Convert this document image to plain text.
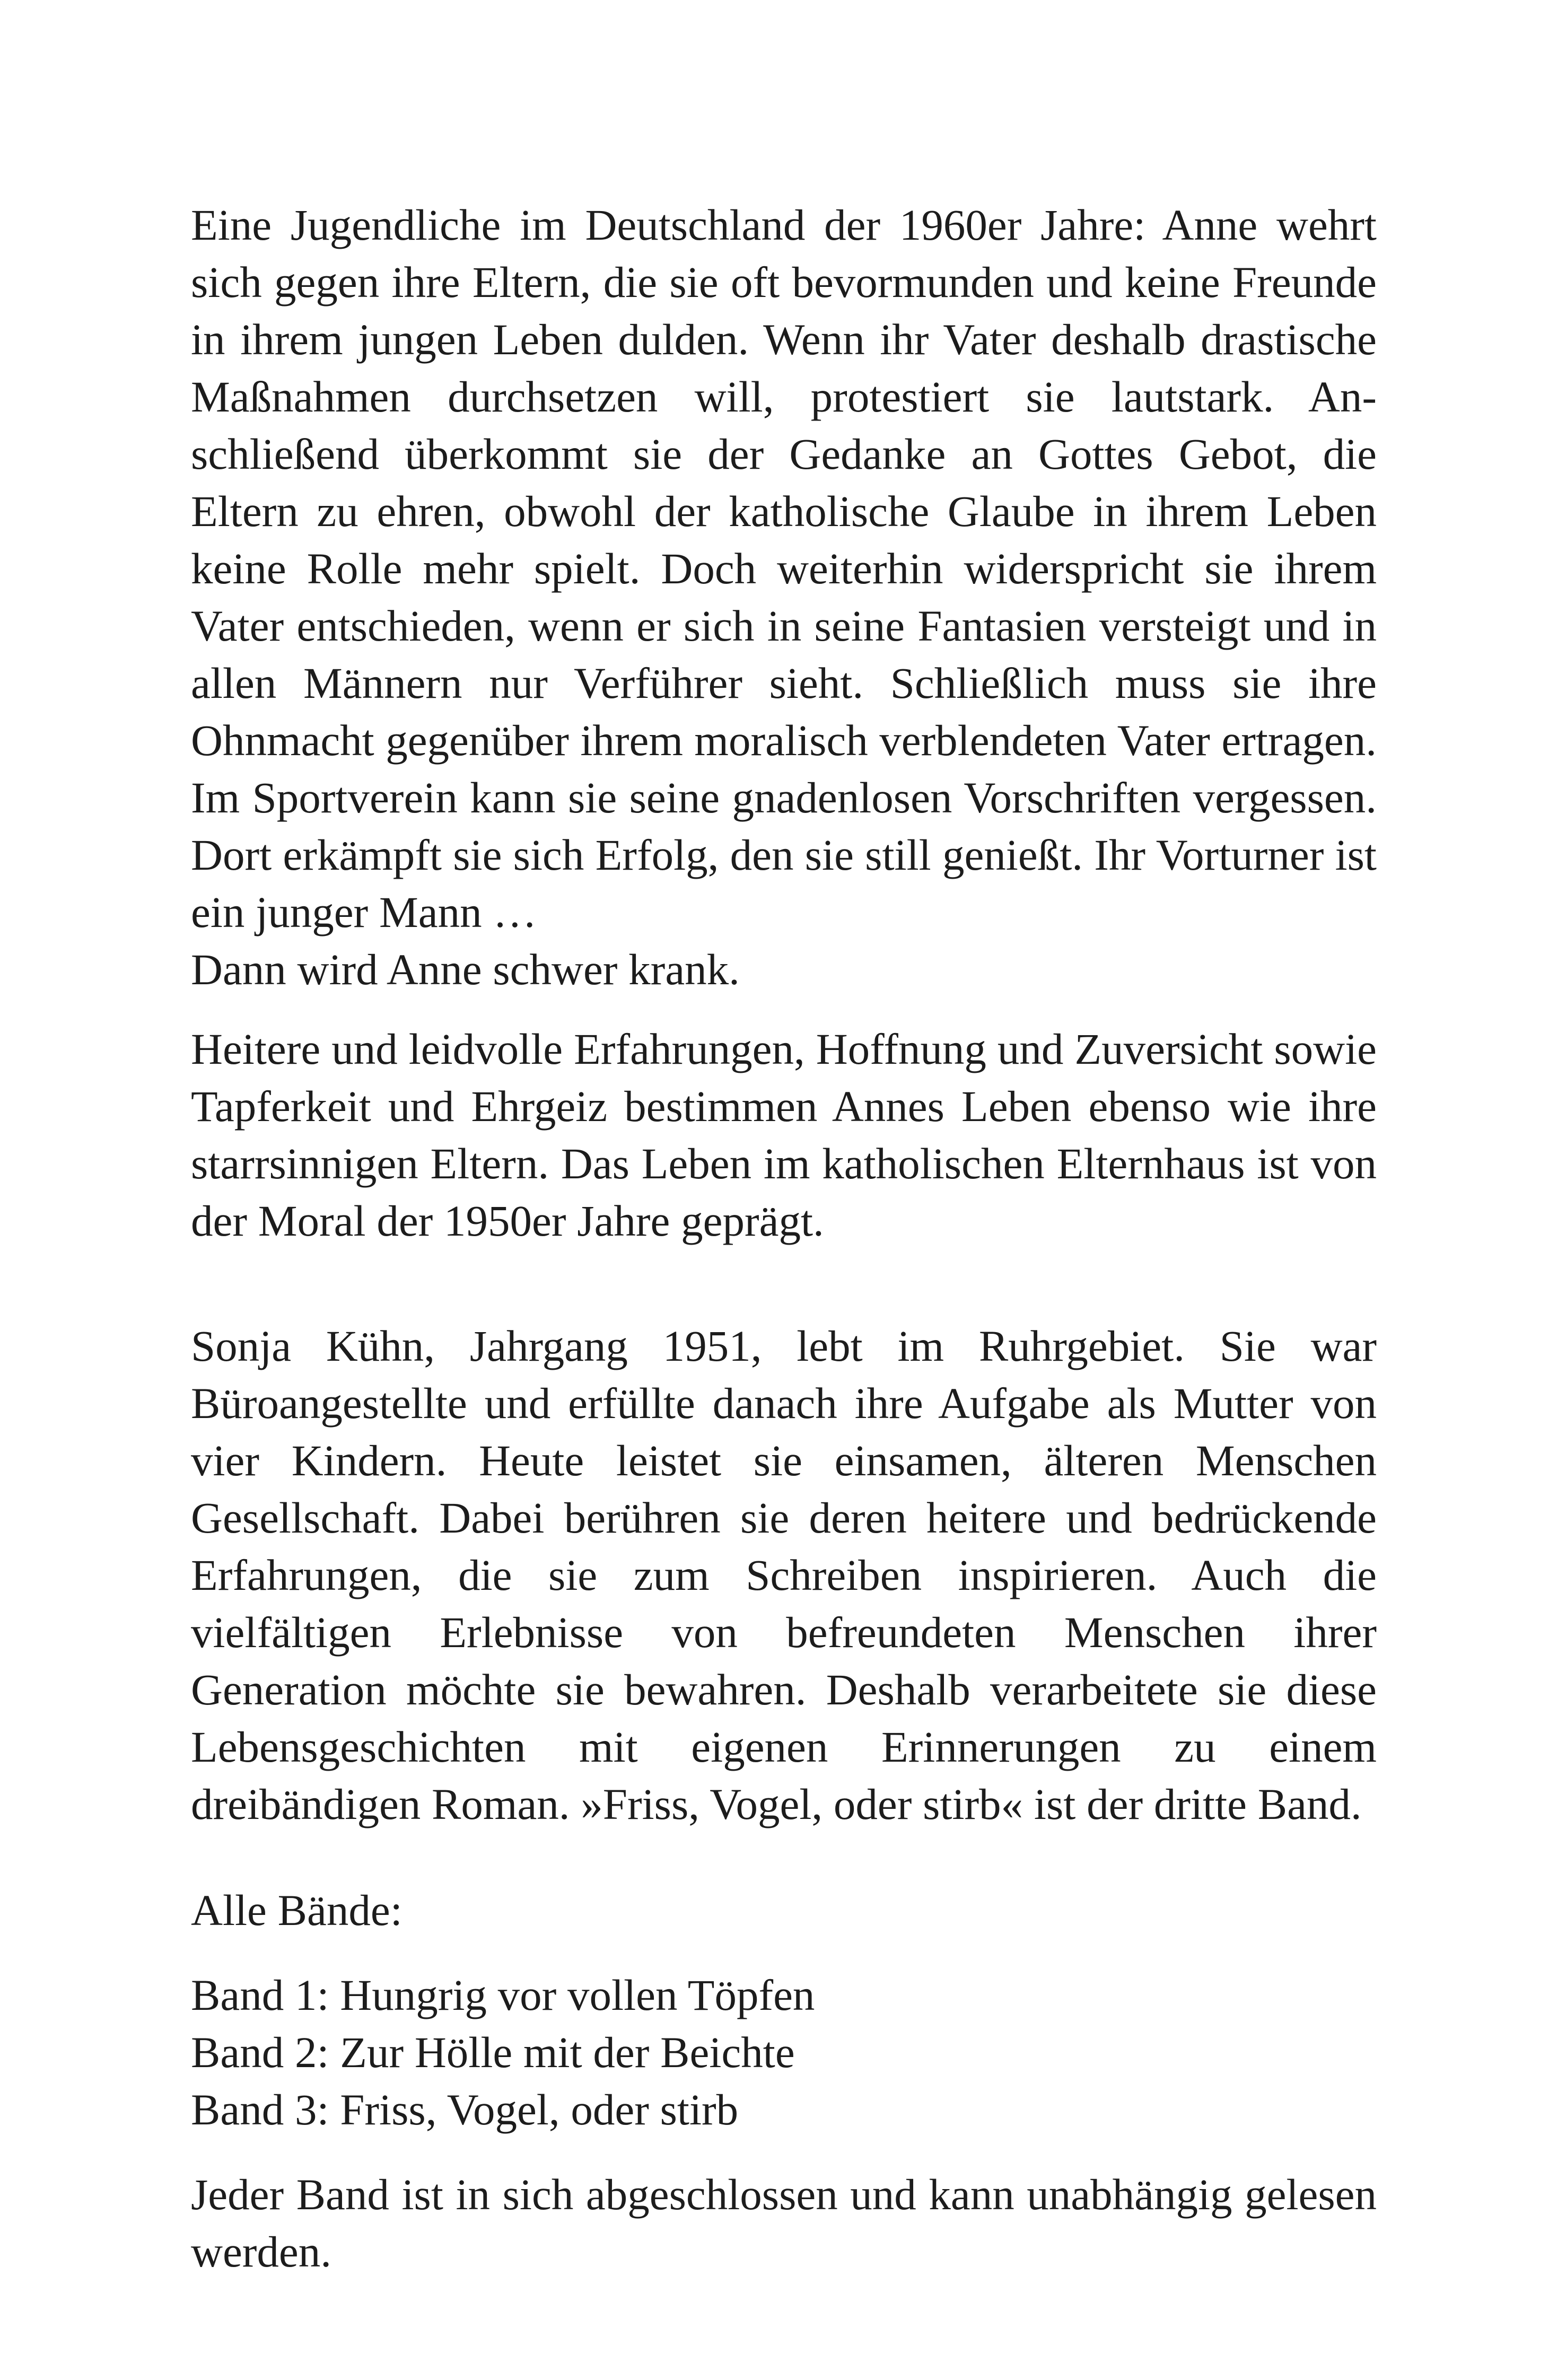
Eine Jugendliche im Deutschland der 1960er Jahre: Anne wehrt sich gegen ihre Eltern, die sie oft bevormunden und keine Freunde in ihrem jungen Leben dulden. Wenn ihr Vater deshalb drastische Maßnahmen durchsetzen will, protestiert sie lautstark. Anschließend überkommt sie der Gedanke an Gottes Gebot, die Eltern zu ehren, obwohl der katholische Glaube in ihrem Leben keine Rolle mehr spielt. Doch weiterhin widerspricht sie ihrem Vater entschieden, wenn er sich in seine Fantasien versteigt und in allen Männern nur Verführer sieht. Schließlich muss sie ihre Ohnmacht gegenüber ihrem moralisch verblendeten Vater ertragen. Im Sportverein kann sie seine gnadenlosen Vorschriften vergessen. Dort erkämpft sie sich Erfolg, den sie still genießt. Ihr Vorturner ist ein junger Mann …

Dann wird Anne schwer krank.

Heitere und leidvolle Erfahrungen, Hoffnung und Zuversicht sowie Tapferkeit und Ehrgeiz bestimmen Annes Leben ebenso wie ihre starrsinnigen Eltern. Das Leben im katholischen Elternhaus ist von der Moral der 1950er Jahre geprägt.

Sonja Kühn, Jahrgang 1951, lebt im Ruhrgebiet. Sie war Büroangestellte und erfüllte danach ihre Aufgabe als Mutter von vier Kindern. Heute leistet sie einsamen, älteren Menschen Gesellschaft. Dabei berühren sie deren heitere und bedrückende Erfahrungen, die sie zum Schreiben inspirieren. Auch die vielfältigen Erlebnisse von befreundeten Menschen ihrer Generation möchte sie bewahren. Deshalb verarbeitete sie diese Lebensgeschichten mit eigenen Erinnerungen zu einem dreibändigen Roman. »Friss, Vogel, oder stirb« ist der dritte Band.

Alle Bände:

Band 1: Hungrig vor vollen Töpfen
Band 2: Zur Hölle mit der Beichte
Band 3: Friss, Vogel, oder stirb

Jeder Band ist in sich abgeschlossen und kann unabhängig gelesen werden.
